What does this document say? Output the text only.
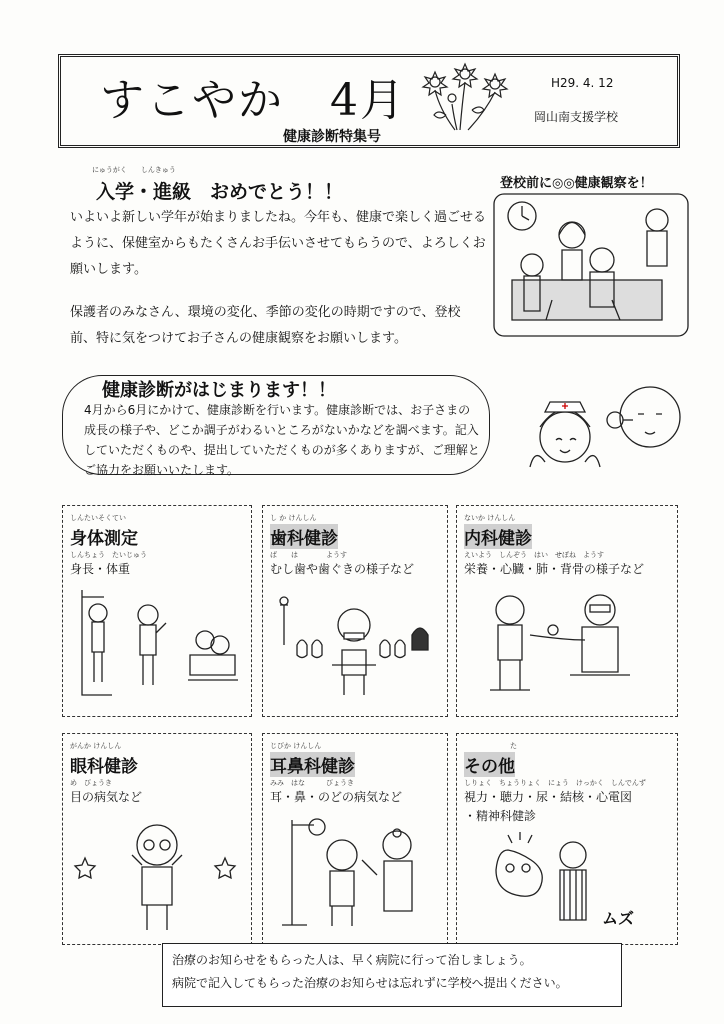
すこやか　4月	H29. 4. 12
岡山南支援学校
健康診断特集号
にゅうがく　　しんきゅう
入学・進級　おめでとう！！
いよいよ新しい学年が始まりましたね。今年も、健康で楽しく過ごせるように、保健室からもたくさんお手伝いさせてもらうので、よろしくお願いします。
保護者のみなさん、環境の変化、季節の変化の時期ですので、登校前、特に気をつけてお子さんの健康観察をお願いします。
登校前に◎◎健康観察を！
健康診断がはじまります！！
4月から6月にかけて、健康診断を行います。健康診断では、お子さまの成長の様子や、どこか調子がわるいところがないかなどを調べます。記入していただくものや、提出していただくものが多くありますが、ご理解とご協力をお願いいたします。
しんたいそくてい
身体測定
しんちょう　たいじゅう
身長・体重
し か けんしん
歯科健診
ば　　は　　　　ようす
むし歯や歯ぐきの様子など
ないか けんしん
内科健診
えいよう　しんぞう　はい　せぼね　ようす
栄養・心臓・肺・背骨の様子など
がんか けんしん
眼科健診
め　びょうき
目の病気など
じびか けんしん
耳鼻科健診
みみ　はな　　　びょうき
耳・鼻・のどの病気など
た
その他
しりょく　ちょうりょく　にょう　けっかく　しんでんず
視力・聴力・尿・結核・心電図
・精神科健診
ムズ
治療のお知らせをもらった人は、早く病院に行って治しましょう。
病院で記入してもらった治療のお知らせは忘れずに学校へ提出ください。
